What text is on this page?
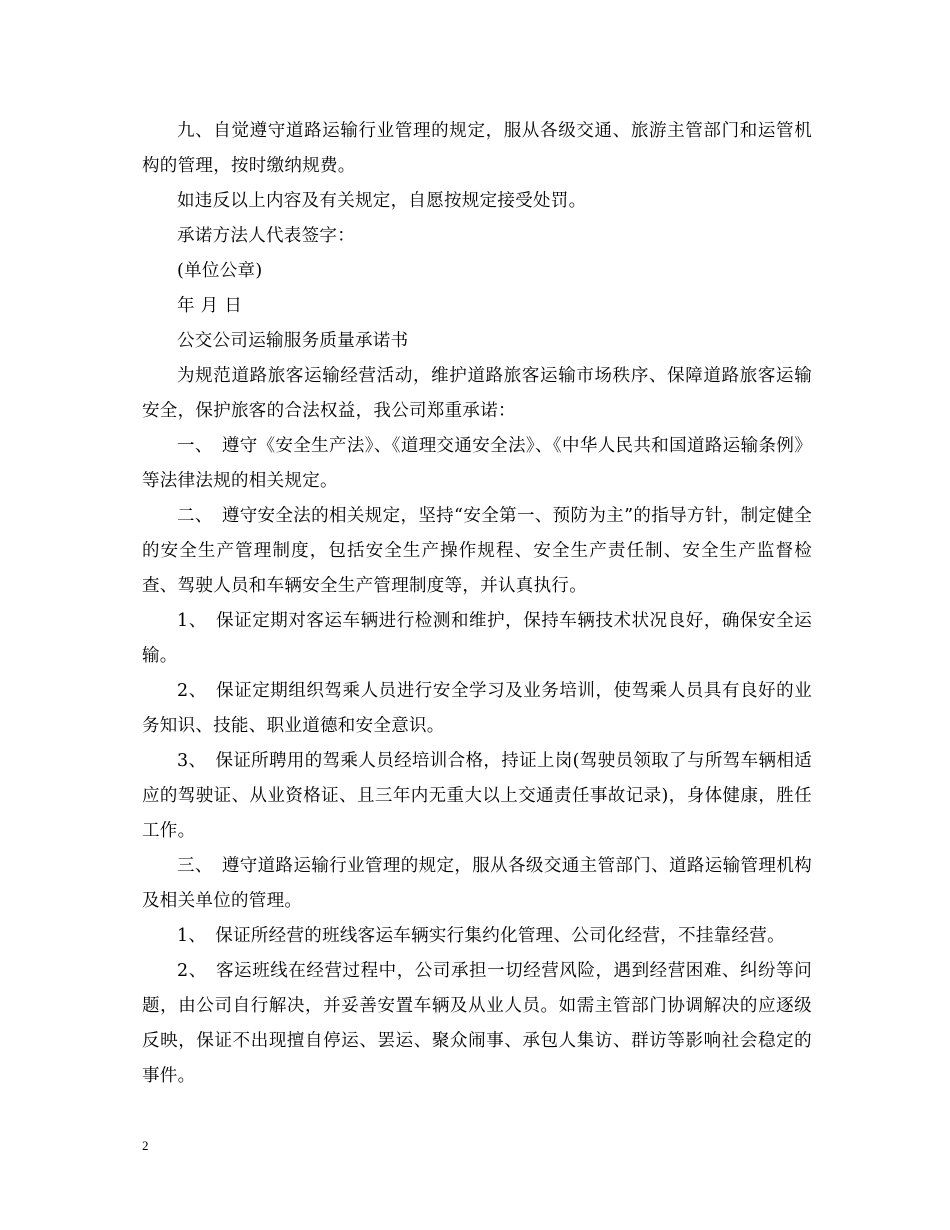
九、自觉遵守道路运输行业管理的规定，服从各级交通、旅游主管部门和运管机构的管理，按时缴纳规费。

如违反以上内容及有关规定，自愿按规定接受处罚。

承诺方法人代表签字：

(单位公章)

年 月 日

公交公司运输服务质量承诺书

为规范道路旅客运输经营活动，维护道路旅客运输市场秩序、保障道路旅客运输安全，保护旅客的合法权益，我公司郑重承诺：

一、　遵守《安全生产法》、《道理交通安全法》、《中华人民共和国道路运输条例》等法律法规的相关规定。

二、　遵守安全法的相关规定，坚持“安全第一、预防为主”的指导方针，制定健全的安全生产管理制度，包括安全生产操作规程、安全生产责任制、安全生产监督检查、驾驶人员和车辆安全生产管理制度等，并认真执行。

1、　保证定期对客运车辆进行检测和维护，保持车辆技术状况良好，确保安全运输。

2、　保证定期组织驾乘人员进行安全学习及业务培训，使驾乘人员具有良好的业务知识、技能、职业道德和安全意识。

3、　保证所聘用的驾乘人员经培训合格，持证上岗(驾驶员领取了与所驾车辆相适应的驾驶证、从业资格证、且三年内无重大以上交通责任事故记录)，身体健康，胜任工作。

三、　遵守道路运输行业管理的规定，服从各级交通主管部门、道路运输管理机构及相关单位的管理。

1、　保证所经营的班线客运车辆实行集约化管理、公司化经营，不挂靠经营。

2、　客运班线在经营过程中，公司承担一切经营风险，遇到经营困难、纠纷等问题，由公司自行解决，并妥善安置车辆及从业人员。如需主管部门协调解决的应逐级反映，保证不出现擅自停运、罢运、聚众闹事、承包人集访、群访等影响社会稳定的事件。

2
